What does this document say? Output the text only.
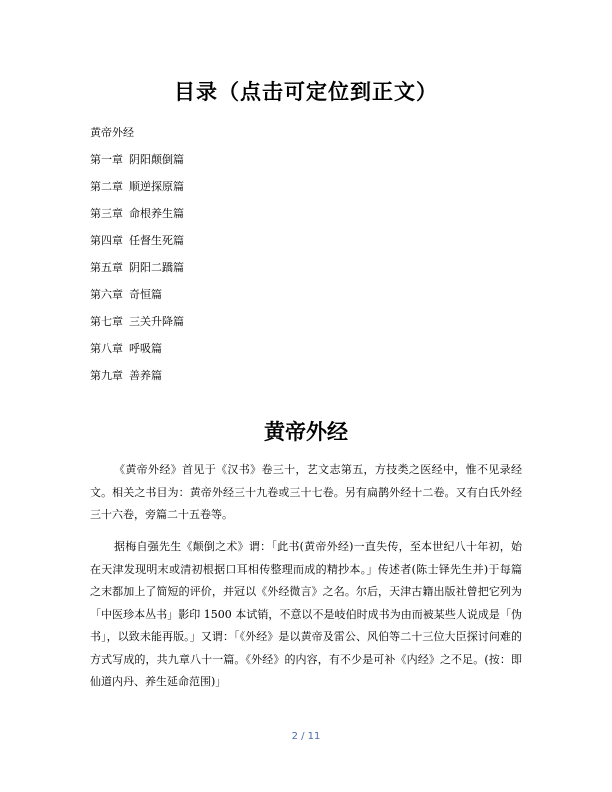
目录（点击可定位到正文）
黄帝外经
第一章 阴阳颠倒篇
第二章 顺逆探原篇
第三章 命根养生篇
第四章 任督生死篇
第五章 阴阳二蹻篇
第六章 奇恒篇
第七章 三关升降篇
第八章 呼吸篇
第九章 善养篇
黄帝外经

《黄帝外经》首见于《汉书》卷三十，艺文志第五，方技类之医经中，惟不见录经文。相关之书目为：黄帝外经三十九卷或三十七卷。另有扁鹊外经十二卷。又有白氏外经三十六卷，旁篇二十五卷等。

据梅自强先生《颠倒之术》谓：「此书(黄帝外经)一直失传，至本世纪八十年初，始在天津发现明末或清初根据口耳相传整理而成的精抄本。」传述者(陈士铎先生并)于每篇之末都加上了简短的评价，并冠以《外经微言》之名。尔后，天津古籍出版社曾把它列为「中医珍本丛书」影印 1500 本试销，不意以不是岐伯时成书为由而被某些人说成是「伪书」，以致未能再版。」又谓：「《外经》是以黄帝及雷公、风伯等二十三位大臣探讨问难的方式写成的，共九章八十一篇。《外经》的内容，有不少是可补《内经》之不足。(按：即仙道内丹、养生延命范围)」

2 / 11
